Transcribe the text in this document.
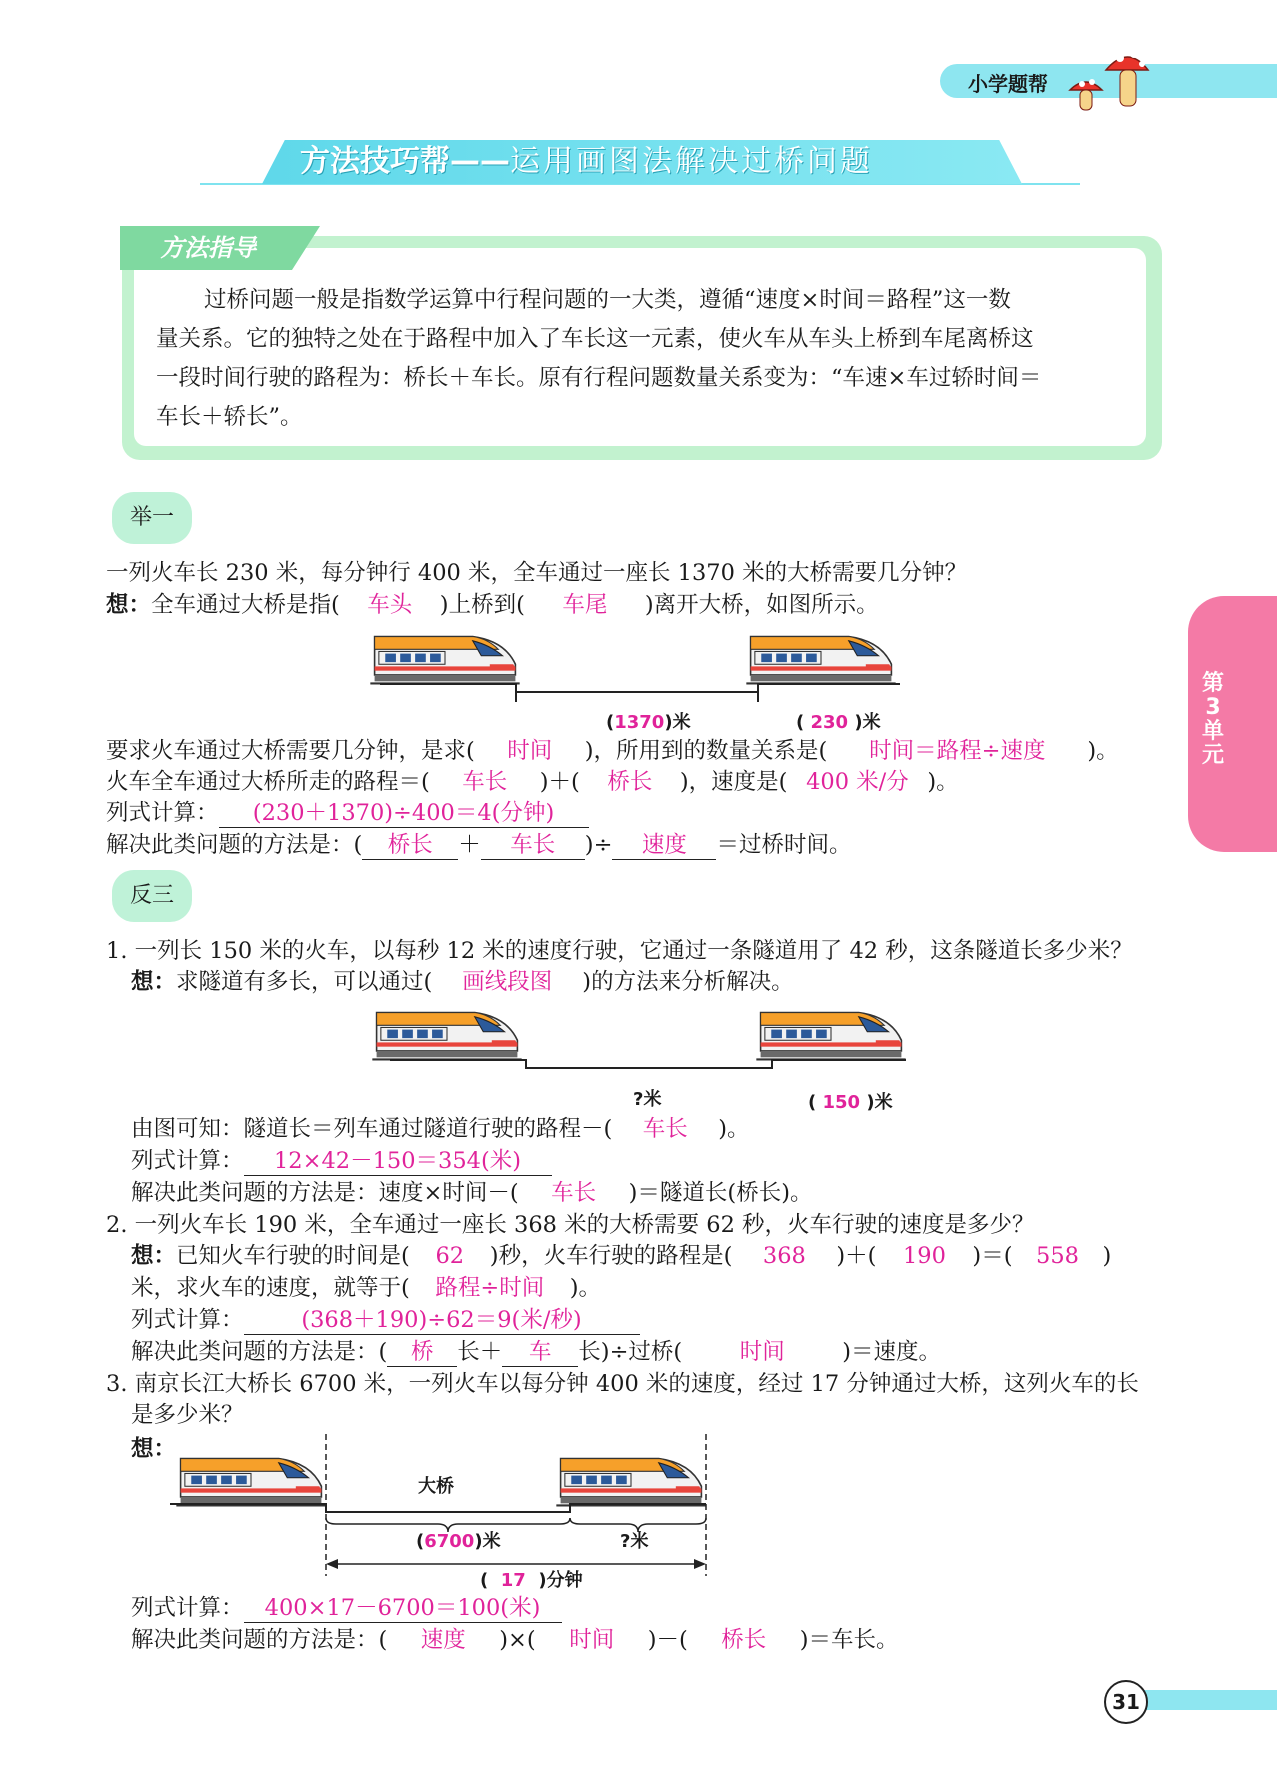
小学题帮
方法技巧帮——运用画图法解决过桥问题
方法指导
过桥问题一般是指数学运算中行程问题的一大类，遵循“速度×时间＝路程”这一数
量关系。它的独特之处在于路程中加入了车长这一元素，使火车从车头上桥到车尾离桥这
一段时间行驶的路程为：桥长＋车长。原有行程问题数量关系变为：“车速×车过轿时间＝
车长＋轿长”。
举一
一列火车长 230 米，每分钟行 400 米，全车通过一座长 1370 米的大桥需要几分钟？
想：全车通过大桥是指( 车头 )上桥到( 车尾 )离开大桥，如图所示。
(1370)米	( 230 )米
要求火车通过大桥需要几分钟，是求( 时间 )，所用到的数量关系是( 时间＝路程÷速度 )。
火车全车通过大桥所走的路程＝( 车长 )＋( 桥长 )，速度是( 400 米/分 )。
列式计算： (230＋1370)÷400＝4(分钟)
解决此类问题的方法是：( 桥长 ＋ 车长 )÷ 速度 ＝过桥时间。
反三
1. 一列长 150 米的火车，以每秒 12 米的速度行驶，它通过一条隧道用了 42 秒，这条隧道长多少米？
想：求隧道有多长，可以通过( 画线段图 )的方法来分析解决。
?米	( 150 )米
由图可知：隧道长＝列车通过隧道行驶的路程－( 车长 )。
列式计算： 12×42－150＝354(米)
解决此类问题的方法是：速度×时间－( 车长 )＝隧道长(桥长)。
2. 一列火车长 190 米，全车通过一座长 368 米的大桥需要 62 秒，火车行驶的速度是多少？
想：已知火车行驶的时间是( 62 )秒，火车行驶的路程是( 368 )＋( 190 )＝( 558 )
米，求火车的速度，就等于( 路程÷时间 )。
列式计算：	(368＋190)÷62＝9(米/秒)
解决此类问题的方法是：( 桥 长＋ 车 长)÷过桥(	时间	)＝速度。
3. 南京长江大桥长 6700 米，一列火车以每分钟 400 米的速度，经过 17 分钟通过大桥，这列火车的长
是多少米？
想：
大桥
(6700)米	?米
(  17  )分钟
列式计算： 400×17－6700＝100(米)
解决此类问题的方法是：( 速度 )×( 时间 )－( 桥长 )＝车长。
第
3
单
元
31
